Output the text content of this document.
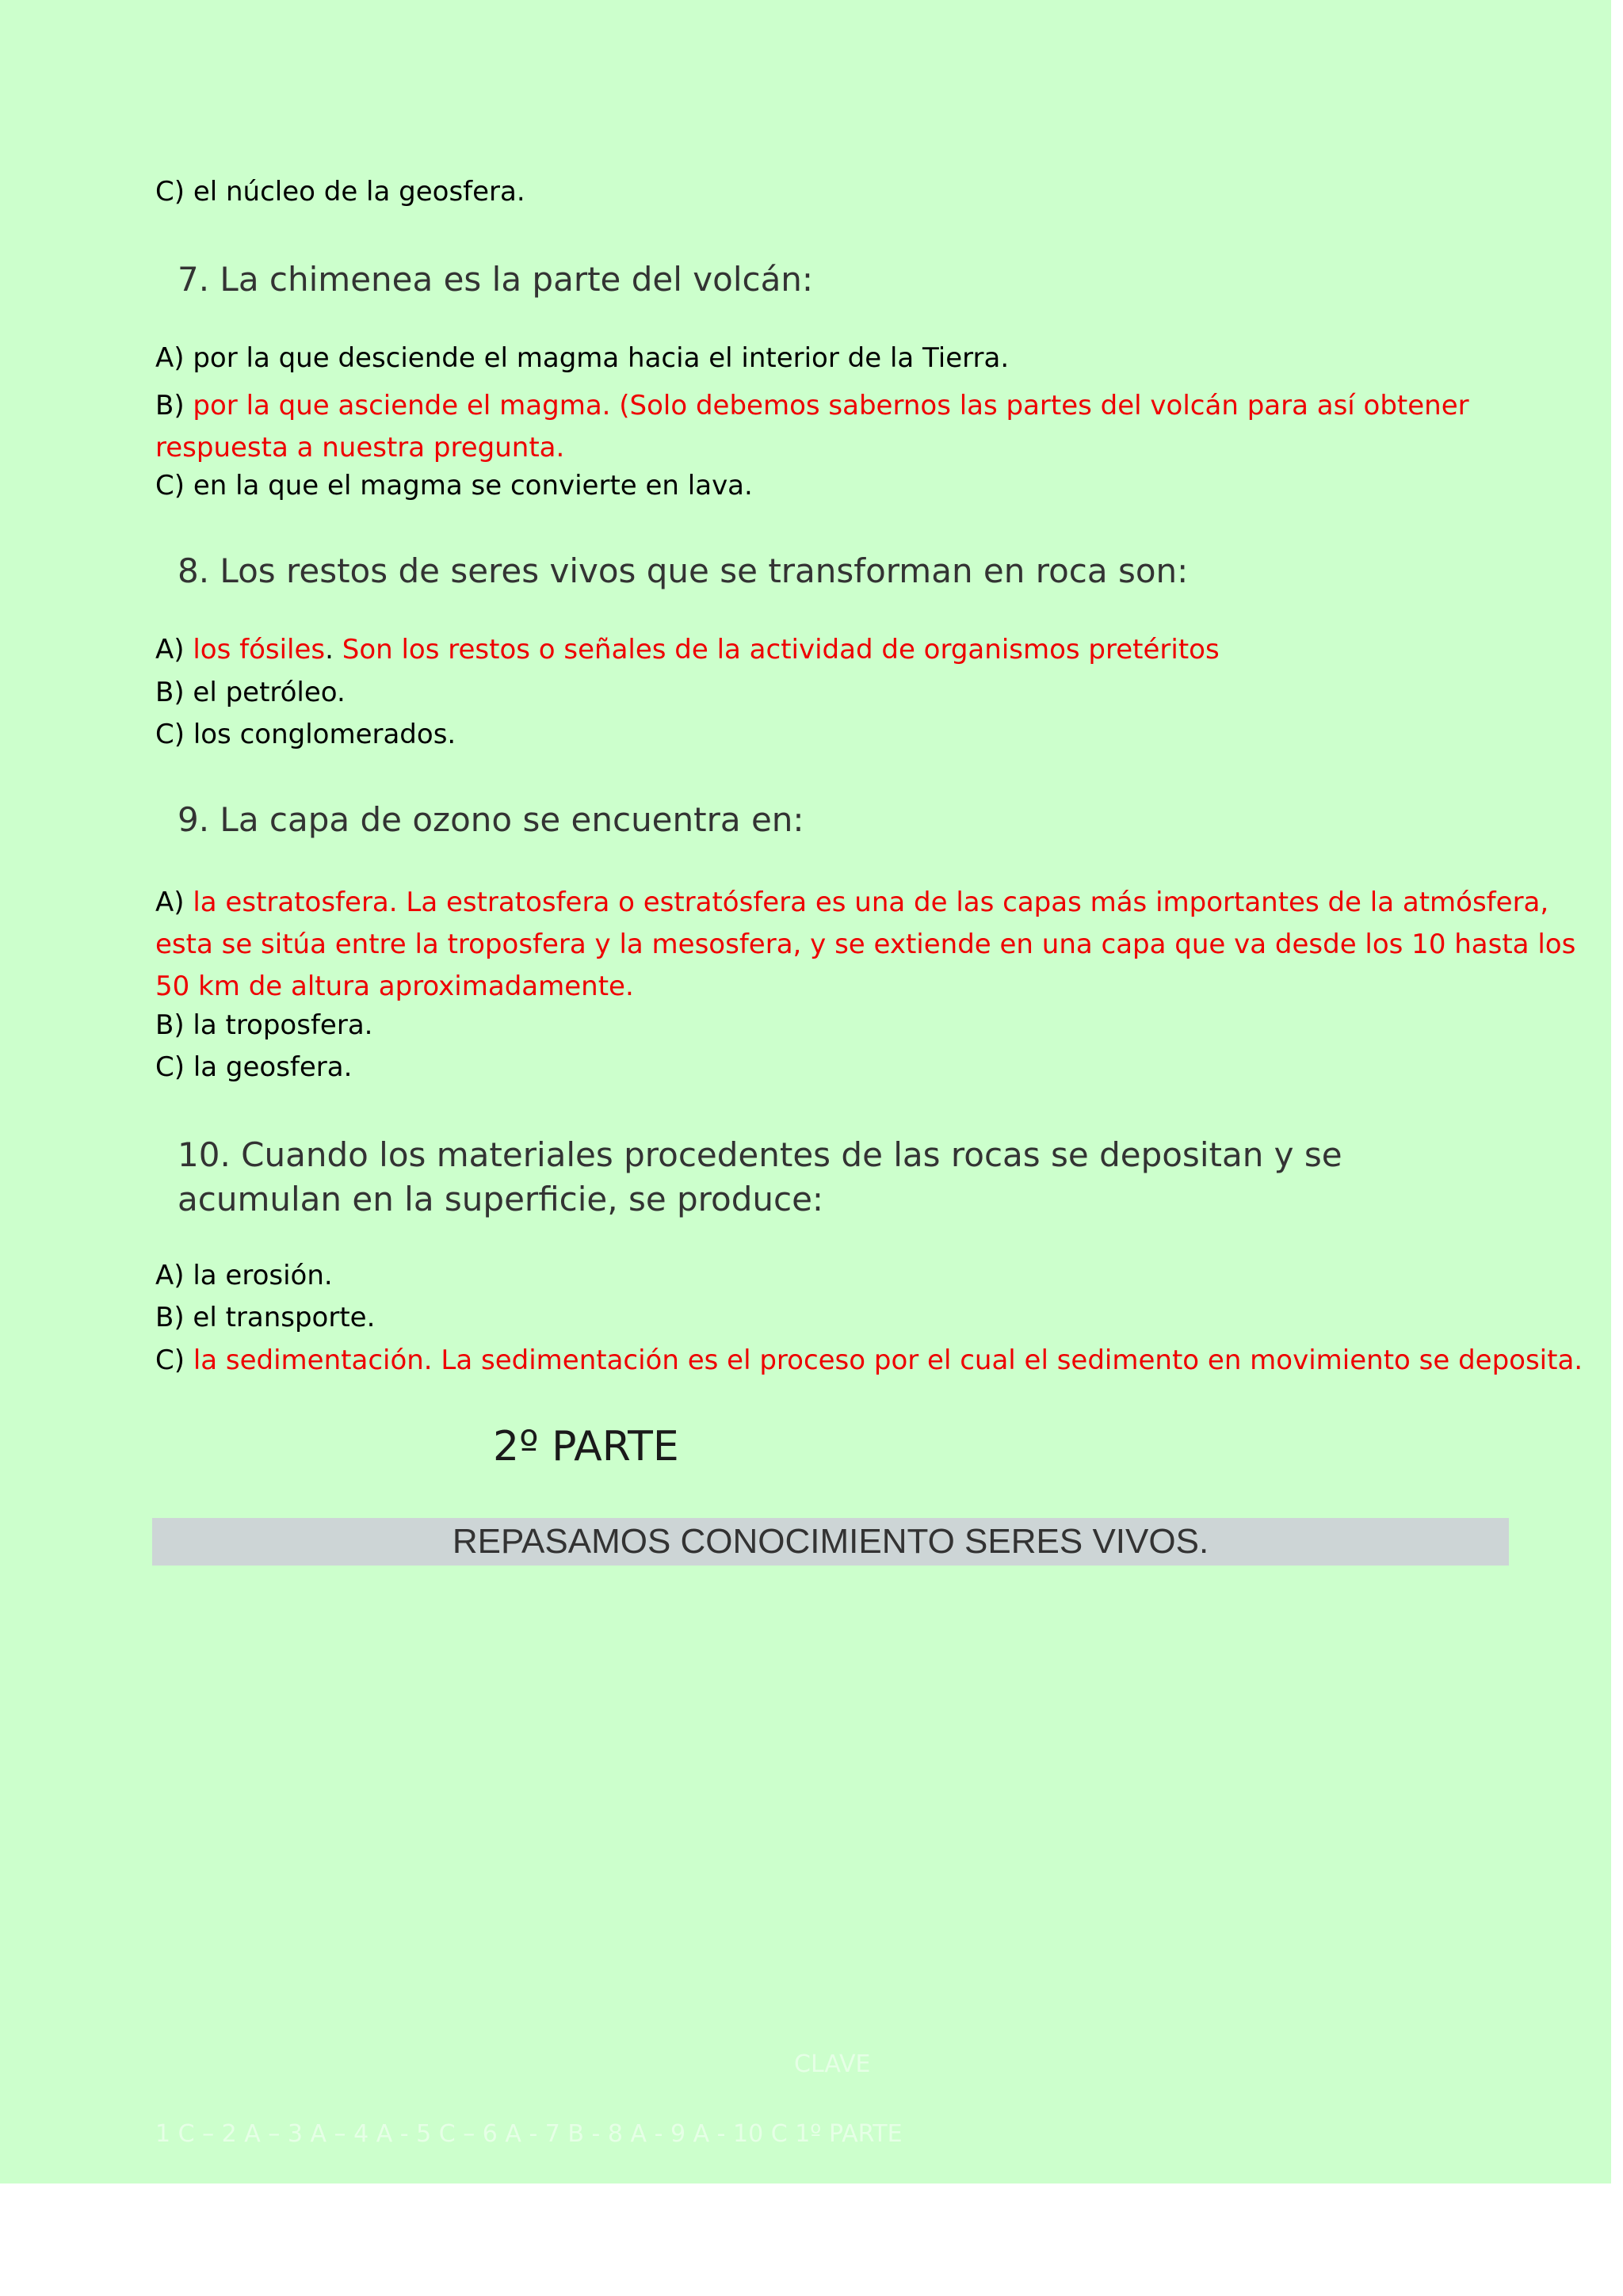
C) el núcleo de la geosfera.
7. La chimenea es la parte del volcán:
A) por la que desciende el magma hacia el interior de la Tierra.
B) por la que asciende el magma. (Solo debemos sabernos las partes del volcán para así obtener respuesta a nuestra pregunta.
C) en la que el magma se convierte en lava.
8. Los restos de seres vivos que se transforman en roca son:
A) los fósiles. Son los restos o señales de la actividad de organismos pretéritos
B) el petróleo.
C) los conglomerados.
9. La capa de ozono se encuentra en:
A) la estratosfera. La estratosfera o estratósfera es una de las capas más importantes de la atmósfera, esta se sitúa entre la troposfera y la mesosfera, y se extiende en una capa que va desde los 10 hasta los 50 km de altura aproximadamente.
B) la troposfera.
C) la geosfera.
10. Cuando los materiales procedentes de las rocas se depositan y se acumulan en la superficie, se produce:
A) la erosión.
B) el transporte.
C) la sedimentación. La sedimentación es el proceso por el cual el sedimento en movimiento se deposita.
2º PARTE
REPASAMOS CONOCIMIENTO SERES VIVOS.
CLAVE
1 C – 2 A – 3 A – 4 A - 5 C – 6 A - 7 B - 8 A - 9 A - 10 C 1º PARTE
